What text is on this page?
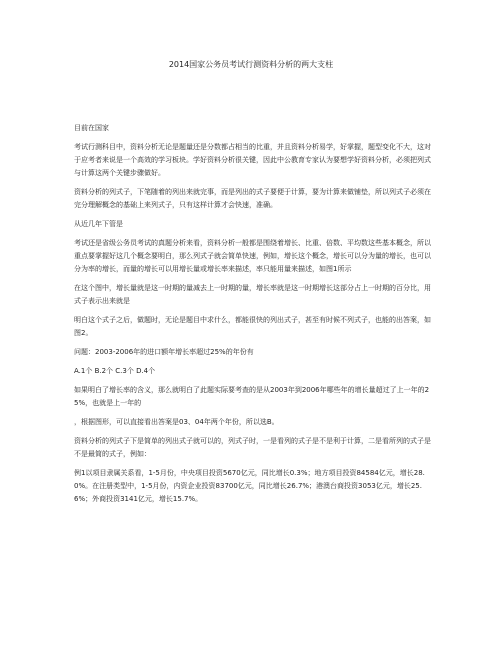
2014国家公务员考试行测资料分析的两大支柱
目前在国家
考试行测科目中，资料分析无论是题量还是分数都占相当的比重，并且资料分析易学，好掌握，题型变化不大，这对于应考者来说是一个高效的学习板块。学好资料分析很关键，因此中公教育专家认为要想学好资料分析，必须把列式与计算这两个关键步骤做好。
资料分析的列式子，下笔随着的列出来就完事，而是列出的式子要便于计算，要为计算来做铺垫，所以列式子必须在完分理解概念的基础上来列式子，只有这样计算才会快速，准确。
从近几年下管是
考试还是省级公务员考试的真题分析来看，资料分析一般都是围绕着增长、比重、倍数、平均数这些基本概念，所以重点要掌握好这几个概念要明白，那么列式子就会简单快速，例如，增长这个概念，增长可以分为量的增长，也可以分为率的增长，而量的增长可以用增长量或增长率来描述，率只能用量来描述，如图1所示
在这个图中，增长量就是这一时期的量减去上一时期的量，增长率就是这一时期增长这部分占上一时期的百分比，用式子表示出来就是
明白这个式子之后，做题时，无论是题目中求什么，都能很快的列出式子，甚至有时候不列式子，也能的出答案，如图2。
问题：2003-2006年的进口额年增长率超过25%的年份有
A.1个 B.2个 C.3个 D.4个
如果明白了增长率的含义，那么就明白了此题实际要考查的是从2003年到2006年哪些年的增长量超过了上一年的25%，也就是上一年的
，根据图形，可以直接看出答案是03、04年两个年份，所以选B。
资料分析的列式子下是简单的列出式子就可以的，列式子时，一是看列的式子是不是利于计算，二是看所列的式子是不是最简的式子，例如：
例1以项目隶属关系看，1-5月份，中央项目投资5670亿元，同比增长0.3%；地方项目投资84584亿元，增长28.0%。在注册类型中，1-5月份，内资企业投资83700亿元，同比增长26.7%；港澳台商投资3053亿元，增长25.6%；外商投资3141亿元，增长15.7%。
